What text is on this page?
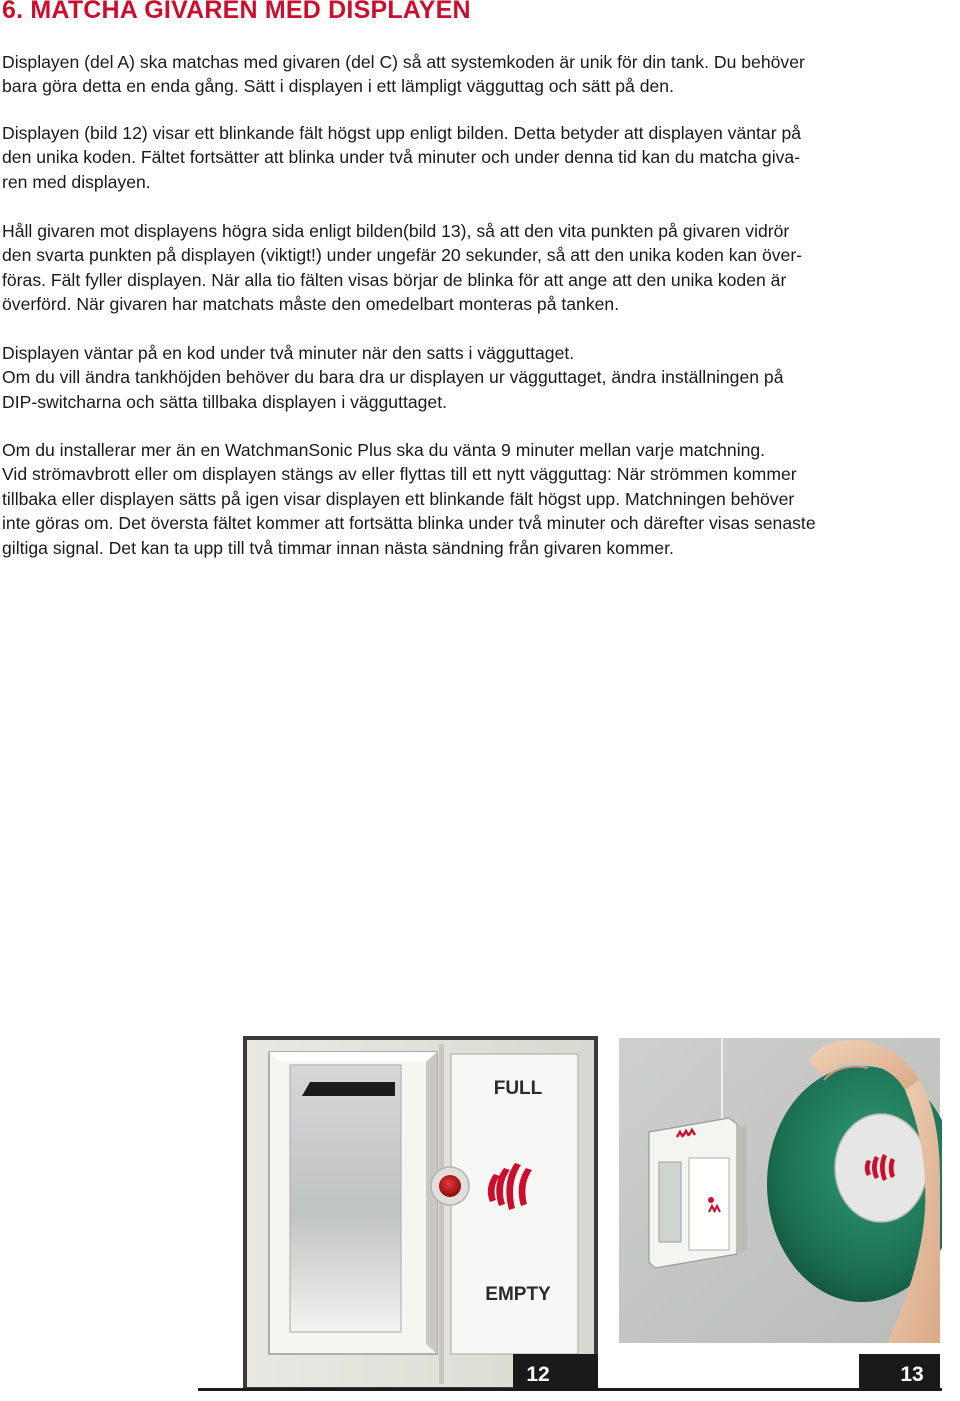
6. MATCHA GIVAREN MED DISPLAYEN

Displayen (del A) ska matchas med givaren (del C) så att systemkoden är unik för din tank. Du behöver
bara göra detta en enda gång. Sätt i displayen i ett lämpligt vägguttag och sätt på den.

Displayen (bild 12) visar ett blinkande fält högst upp enligt bilden. Detta betyder att displayen väntar på
den unika koden. Fältet fortsätter att blinka under två minuter och under denna tid kan du matcha giva-
ren med displayen.

Håll givaren mot displayens högra sida enligt bilden(bild 13), så att den vita punkten på givaren vidrör
den svarta punkten på displayen (viktigt!) under ungefär 20 sekunder, så att den unika koden kan över-
föras. Fält fyller displayen. När alla tio fälten visas börjar de blinka för att ange att den unika koden är
överförd. När givaren har matchats måste den omedelbart monteras på tanken.

Displayen väntar på en kod under två minuter när den satts i vägguttaget.
Om du vill ändra tankhöjden behöver du bara dra ur displayen ur vägguttaget, ändra inställningen på
DIP-switcharna och sätta tillbaka displayen i vägguttaget.

Om du installerar mer än en WatchmanSonic Plus ska du vänta 9 minuter mellan varje matchning.
Vid strömavbrott eller om displayen stängs av eller flyttas till ett nytt vägguttag: När strömmen kommer
tillbaka eller displayen sätts på igen visar displayen ett blinkande fält högst upp. Matchningen behöver
inte göras om. Det översta fältet kommer att fortsätta blinka under två minuter och därefter visas senaste
giltiga signal. Det kan ta upp till två timmar innan nästa sändning från givaren kommer.

FULL
EMPTY
12	13
